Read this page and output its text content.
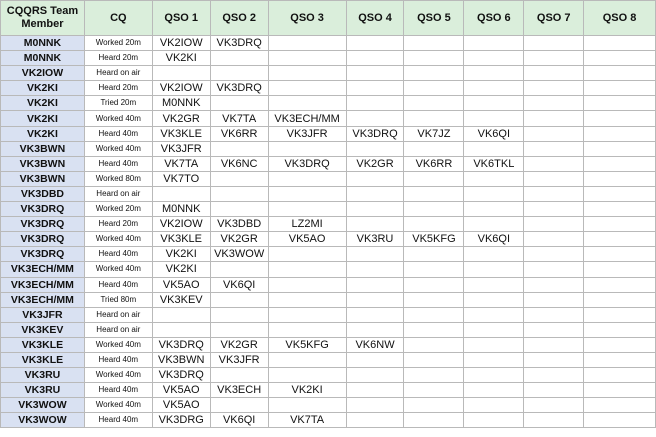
CQQRS Team Member	CQ	QSO 1	QSO 2	QSO 3	QSO 4	QSO 5	QSO 6	QSO 7	QSO 8
M0NNK	Worked 20m	VK2IOW	VK3DRQ						
M0NNK	Heard 20m	VK2KI							
VK2IOW	Heard on air								
VK2KI	Heard 20m	VK2IOW	VK3DRQ						
VK2KI	Tried 20m	M0NNK							
VK2KI	Worked 40m	VK2GR	VK7TA	VK3ECH/MM					
VK2KI	Heard 40m	VK3KLE	VK6RR	VK3JFR	VK3DRQ	VK7JZ	VK6QI		
VK3BWN	Worked 40m	VK3JFR							
VK3BWN	Heard 40m	VK7TA	VK6NC	VK3DRQ	VK2GR	VK6RR	VK6TKL		
VK3BWN	Worked 80m	VK7TO							
VK3DBD	Heard on air								
VK3DRQ	Worked 20m	M0NNK							
VK3DRQ	Heard 20m	VK2IOW	VK3DBD	LZ2MI					
VK3DRQ	Worked 40m	VK3KLE	VK2GR	VK5AO	VK3RU	VK5KFG	VK6QI		
VK3DRQ	Heard 40m	VK2KI	VK3WOW						
VK3ECH/MM	Worked 40m	VK2KI							
VK3ECH/MM	Heard 40m	VK5AO	VK6QI						
VK3ECH/MM	Tried 80m	VK3KEV							
VK3JFR	Heard on air								
VK3KEV	Heard on air								
VK3KLE	Worked 40m	VK3DRQ	VK2GR	VK5KFG	VK6NW				
VK3KLE	Heard 40m	VK3BWN	VK3JFR						
VK3RU	Worked 40m	VK3DRQ							
VK3RU	Heard 40m	VK5AO	VK3ECH	VK2KI					
VK3WOW	Worked 40m	VK5AO							
VK3WOW	Heard 40m	VK3DRG	VK6QI	VK7TA					
